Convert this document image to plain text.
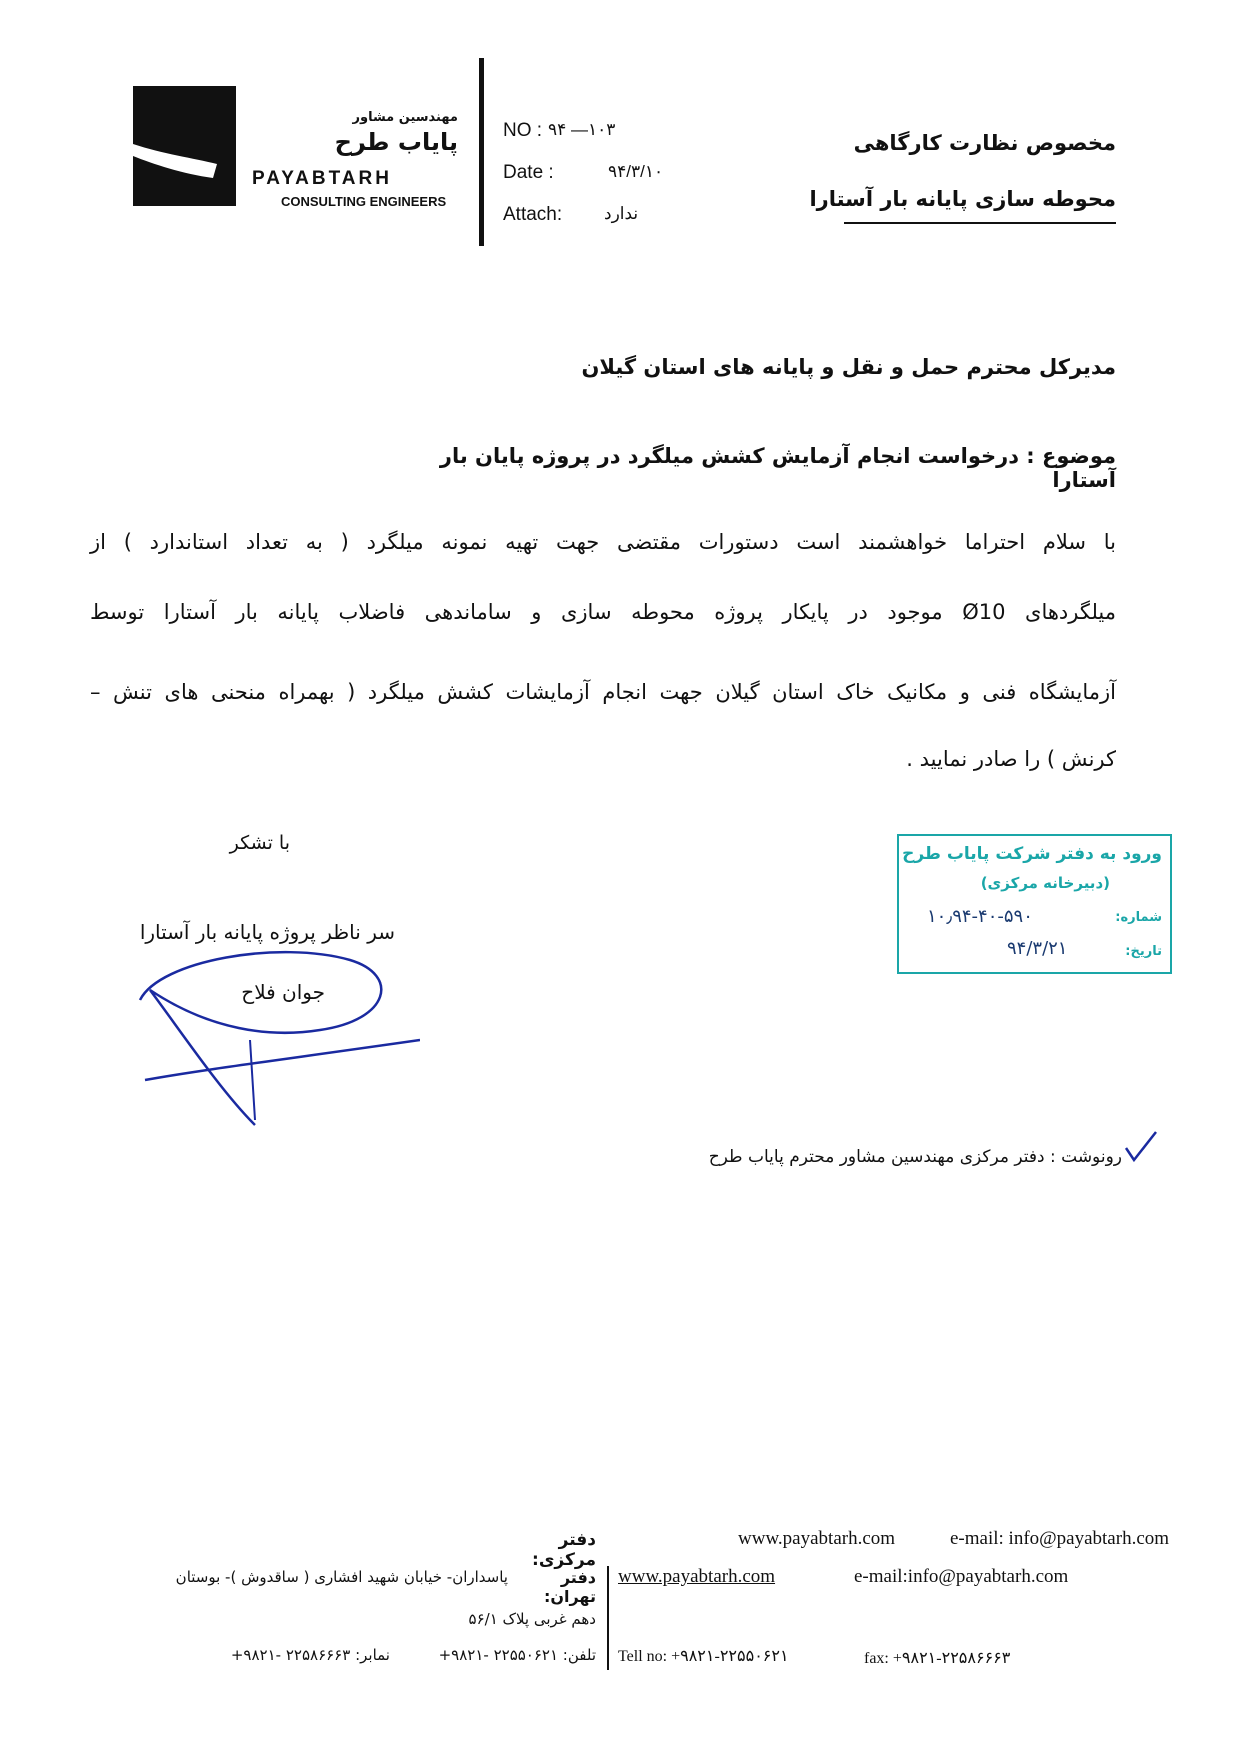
مهندسین مشاور
پایاب طرح
PAYABTARH
CONSULTING ENGINEERS
NO : ۹۴ —۱۰۳
Date :	۹۴/۳/۱۰
Attach: ندارد
مخصوص نظارت کارگاهی
محوطه سازی پایانه بار آستارا
مدیرکل محترم حمل و نقل و پایانه های استان گیلان
موضوع : درخواست انجام آزمایش کشش میلگرد در پروژه پایان بار آستارا
با سلام احتراما خواهشمند است دستورات مقتضی جهت تهیه نمونه میلگرد ( به تعداد استاندارد ) از
میلگردهای Ø10 موجود در پایکار پروژه محوطه سازی و ساماندهی فاضلاب پایانه بار آستارا توسط
آزمایشگاه فنی و مکانیک خاک استان گیلان جهت انجام آزمایشات کشش میلگرد ( بهمراه منحنی های تنش –
کرنش ) را صادر نمایید .
با تشکر
سر ناظر پروژه پایانه بار آستارا
جوان فلاح
ورود به دفتر شرکت پایاب طرح
(دبیرخانه مرکزی)
شماره:
۱۰٫۹۴-۴۰-۵۹۰
تاریخ:
۹۴/۳/۲۱
رونوشت : دفتر مرکزی مهندسین مشاور محترم پایاب طرح
www.payabtarh.com	e-mail: info@payabtarh.com
دفتر مرکزی:
دفتر تهران:
پاسداران- خیابان شهید افشاری ( ساقدوش )- بوستان
دهم غربی پلاک ۵۶/۱
تلفن: ۲۲۵۵۰۶۲۱ -۹۸۲۱+
نمابر: ۲۲۵۸۶۶۶۳ -۹۸۲۱+
www.payabtarh.com	e-mail:info@payabtarh.com
Tell no: +۹۸۲۱-۲۲۵۵۰۶۲۱	fax: +۹۸۲۱-۲۲۵۸۶۶۶۳
